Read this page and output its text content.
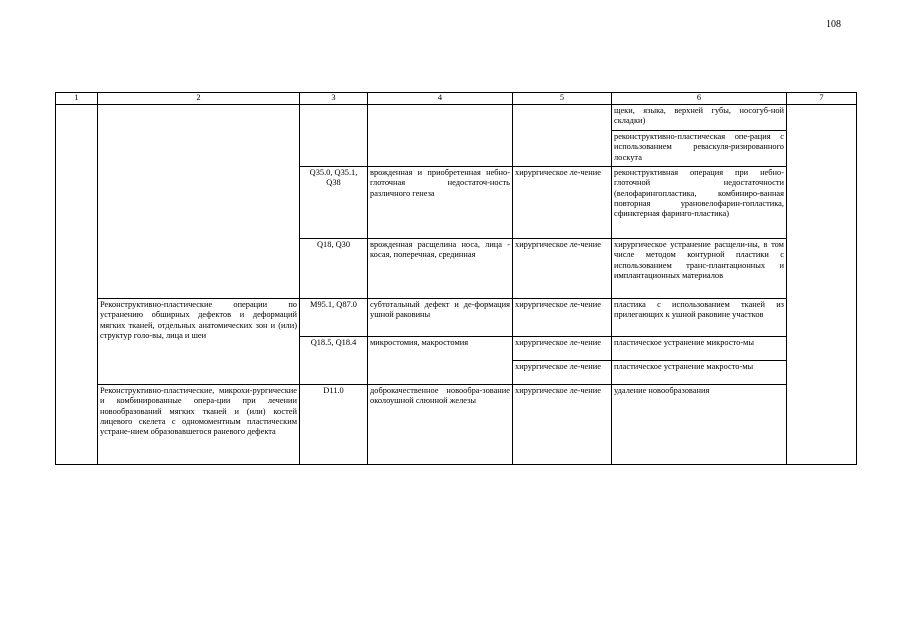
108
1	2	3	4	5	6	7
					щеки, языка, верхней губы, носогуб-ной складки)	
					реконструктивно-пластическая опе-рация с использованием реваскуля-ризированного лоскута	
		Q35.0, Q35.1, Q38	врожденная и приобретенная небно-глоточная недостаточ-ность различного генеза	хирургическое ле-чение	реконструктивная операция при небно-глоточной недостаточности (велофарингопластика, комбиниро-ванная повторная урановелофарин-гопластика, сфинктерная фаринго-пластика)	
		Q18, Q30	врожденная расщелина носа, лица - косая, поперечная, срединная	хирургическое ле-чение	хирургическое устранение расщели-ны, в том числе методом контурной пластики с использованием транс-плантационных и имплантационных материалов	
	Реконструктивно-пластические операции по устранению обширных дефектов и деформаций мягких тканей, отдельных анатомических зон и (или) структур голо-вы, лица и шеи	M95.1, Q87.0	субтотальный дефект и де-формация ушной раковины	хирургическое ле-чение	пластика с использованием тканей из прилегающих к ушной раковине участков	
		Q18.5, Q18.4	микростомия, макростомия	хирургическое ле-чение	пластическое устранение микросто-мы	
				хирургическое ле-чение	пластическое устранение макросто-мы	
	Реконструктивно-пластические, микрохи-рургические и комбинированные опера-ции при лечении новообразований мягких тканей и (или) костей лицевого скелета с одномоментным пластическим устране-нием образовавшегося раневого дефекта	D11.0	доброкачественное новообра-зование околоушной слюнной железы	хирургическое ле-чение	удаление новообразования	
